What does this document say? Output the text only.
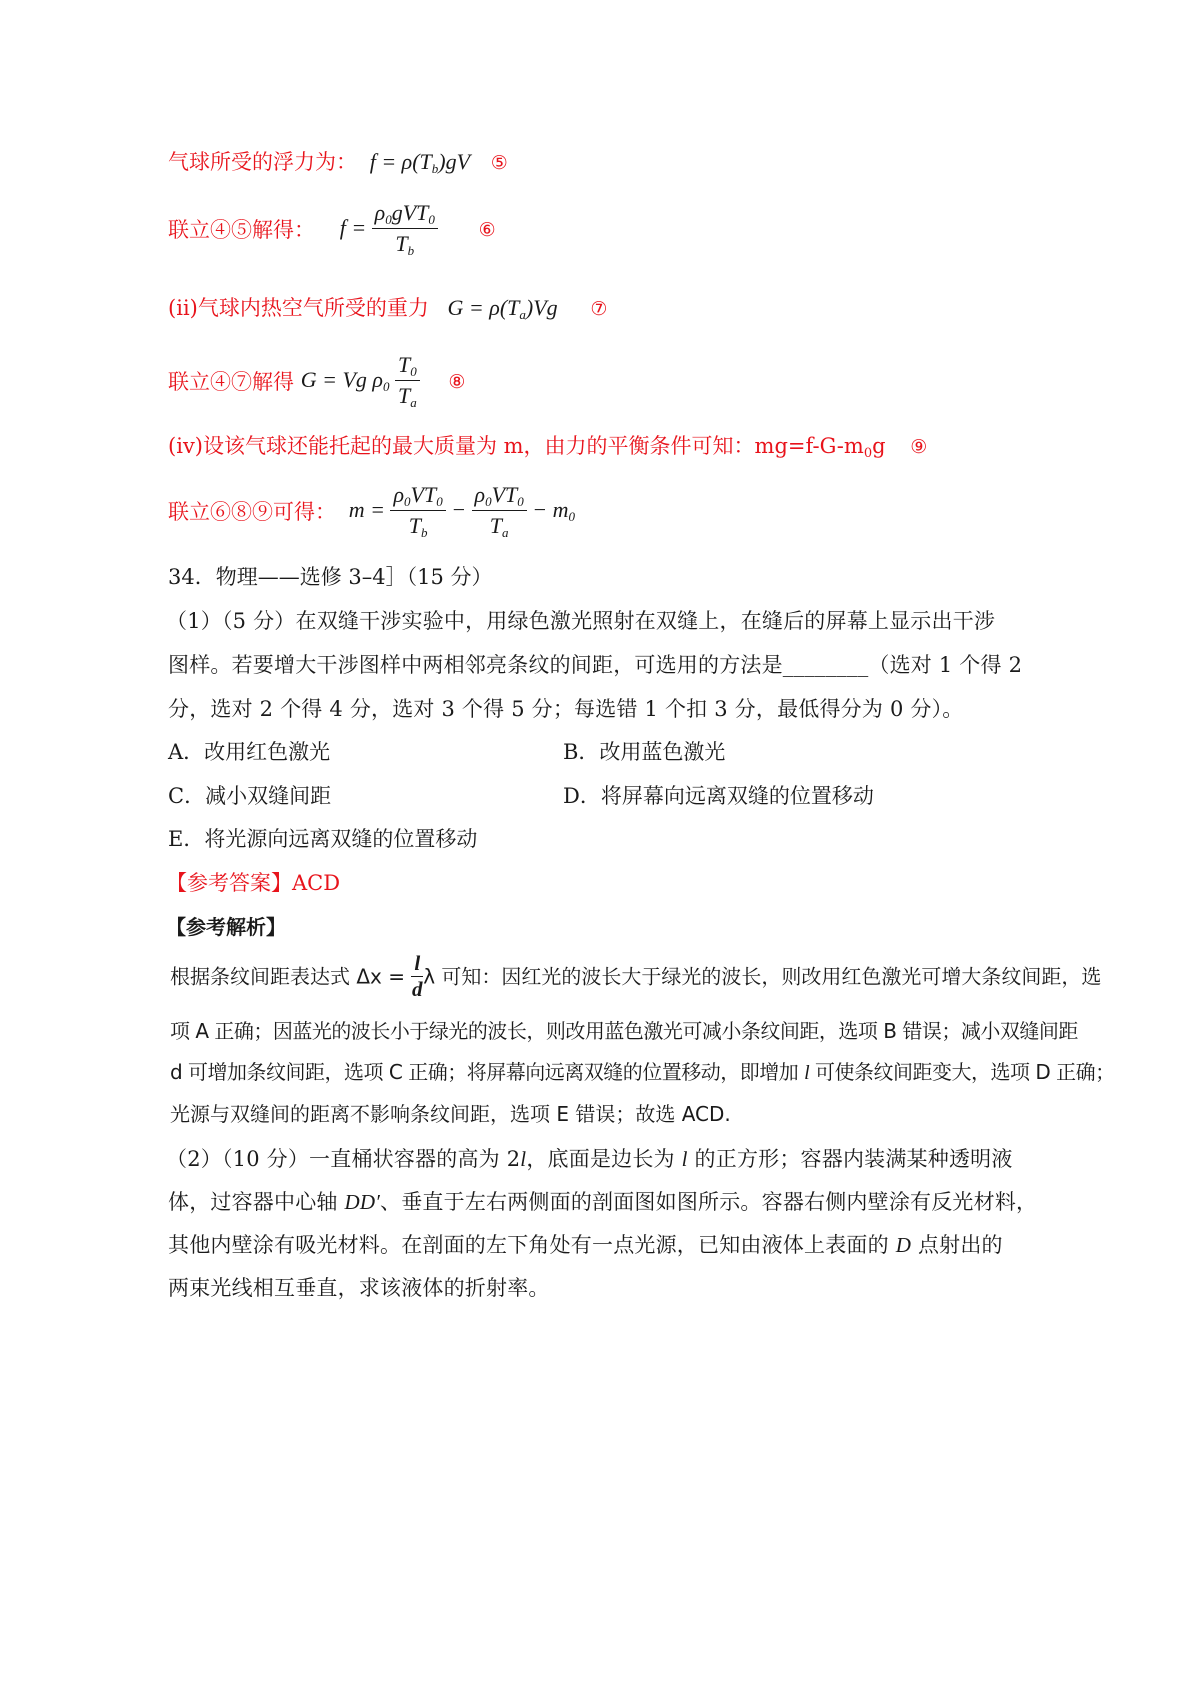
气球所受的浮力为： $f = \rho(T_b)gV$ ⑤
联立④⑤解得： $f = \frac{\rho_0gVT_0}{T_b}$ ⑥
(ⅱ)气球内热空气所受的重力 $G = \rho(T_a)Vg$ ⑦
联立④⑦解得 G = Vg $\rho_0 \frac{T_0}{T_a}$ ⑧
(ⅳ)设该气球还能托起的最大质量为 m，由力的平衡条件可知：$mg=f-G-m_0g$ ⑨
联立⑥⑧⑨可得： $m = \frac{\rho_0VT_0}{T_b} - \frac{\rho_0VT_0}{T_a} - m_0$
34．物理——选修 3–4］（15 分）
（1）（5 分）在双缝干涉实验中，用绿色激光照射在双缝上，在缝后的屏幕上显示出干涉
图样。若要增大干涉图样中两相邻亮条纹的间距，可选用的方法是________（选对 1 个得 2
分，选对 2 个得 4 分，选对 3 个得 5 分；每选错 1 个扣 3 分，最低得分为 0 分）。
A．改用红色激光	B．改用蓝色激光
C．减小双缝间距	D．将屏幕向远离双缝的位置移动
E．将光源向远离双缝的位置移动
【参考答案】ACD
【参考解析】
根据条纹间距表达式 $\Delta x = \frac{l}{d}$ λ 可知：因红光的波长大于绿光的波长，则改用红色激光可增大条纹间距，选
项 A 正确；因蓝光的波长小于绿光的波长，则改用蓝色激光可减小条纹间距，选项 B 错误；减小双缝间距
d 可增加条纹间距，选项 C 正确；将屏幕向远离双缝的位置移动，即增加 l 可使条纹间距变大，选项 D 正确；
光源与双缝间的距离不影响条纹间距，选项 E 错误；故选 ACD.
（2）（10 分）一直桶状容器的高为 2l，底面是边长为 l 的正方形；容器内装满某种透明液
体，过容器中心轴 DD′、垂直于左右两侧面的剖面图如图所示。容器右侧内壁涂有反光材料，
其他内壁涂有吸光材料。在剖面的左下角处有一点光源，已知由液体上表面的 D 点射出的
两束光线相互垂直，求该液体的折射率。
